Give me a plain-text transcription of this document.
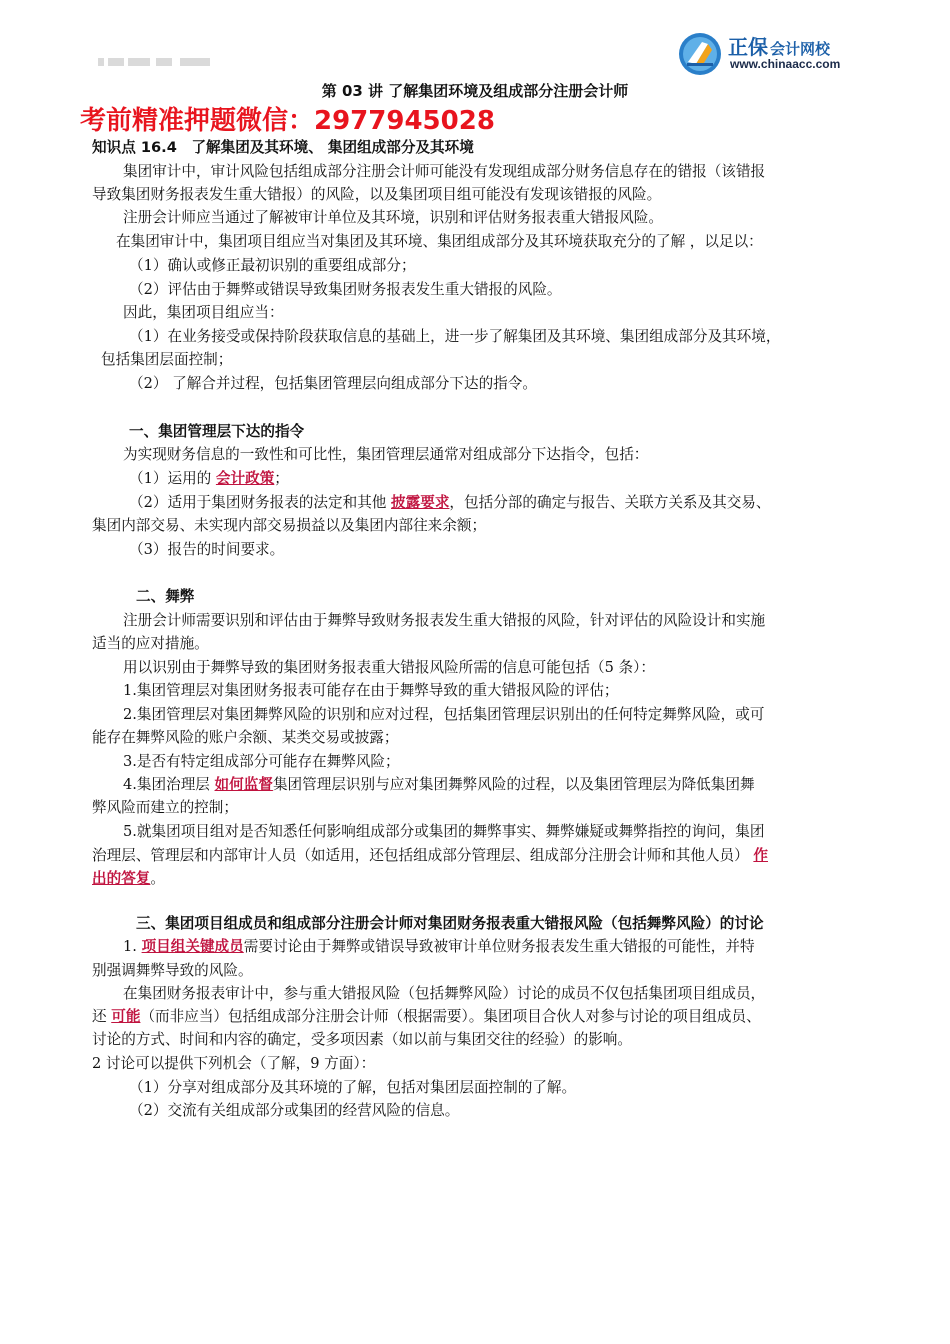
正保 会计网校
www.chinaacc.com
第 03 讲 了解集团环境及组成部分注册会计师
考前精准押题微信：2977945028
知识点 16.4　了解集团及其环境、 集团组成部分及其环境
集团审计中，审计风险包括组成部分注册会计师可能没有发现组成部分财务信息存在的错报（该错报
导致集团财务报表发生重大错报）的风险，以及集团项目组可能没有发现该错报的风险。
注册会计师应当通过了解被审计单位及其环境，识别和评估财务报表重大错报风险。
在集团审计中，集团项目组应当对集团及其环境、集团组成部分及其环境获取充分的了解 ，以足以：
（1）确认或修正最初识别的重要组成部分；
（2）评估由于舞弊或错误导致集团财务报表发生重大错报的风险。
因此，集团项目组应当：
（1）在业务接受或保持阶段获取信息的基础上，进一步了解集团及其环境、集团组成部分及其环境，
包括集团层面控制；
（2） 了解合并过程，包括集团管理层向组成部分下达的指令。
一、集团管理层下达的指令
为实现财务信息的一致性和可比性，集团管理层通常对组成部分下达指令，包括：
（1）运用的 会计政策；
（2）适用于集团财务报表的法定和其他 披露要求，包括分部的确定与报告、关联方关系及其交易、
集团内部交易、未实现内部交易损益以及集团内部往来余额；
（3）报告的时间要求。
二、舞弊
注册会计师需要识别和评估由于舞弊导致财务报表发生重大错报的风险，针对评估的风险设计和实施
适当的应对措施。
用以识别由于舞弊导致的集团财务报表重大错报风险所需的信息可能包括（5 条）：
1.集团管理层对集团财务报表可能存在由于舞弊导致的重大错报风险的评估；
2.集团管理层对集团舞弊风险的识别和应对过程，包括集团管理层识别出的任何特定舞弊风险，或可
能存在舞弊风险的账户余额、某类交易或披露；
3.是否有特定组成部分可能存在舞弊风险；
4.集团治理层 如何监督集团管理层识别与应对集团舞弊风险的过程，以及集团管理层为降低集团舞
弊风险而建立的控制；
5.就集团项目组对是否知悉任何影响组成部分或集团的舞弊事实、舞弊嫌疑或舞弊指控的询问，集团
治理层、管理层和内部审计人员（如适用，还包括组成部分管理层、组成部分注册会计师和其他人员） 作
出的答复。
三、集团项目组成员和组成部分注册会计师对集团财务报表重大错报风险（包括舞弊风险）的讨论
1. 项目组关键成员需要讨论由于舞弊或错误导致被审计单位财务报表发生重大错报的可能性，并特
别强调舞弊导致的风险。
在集团财务报表审计中，参与重大错报风险（包括舞弊风险）讨论的成员不仅包括集团项目组成员，
还 可能（而非应当）包括组成部分注册会计师（根据需要）。集团项目合伙人对参与讨论的项目组成员、
讨论的方式、时间和内容的确定，受多项因素（如以前与集团交往的经验）的影响。
2 讨论可以提供下列机会（了解，9 方面）：
（1）分享对组成部分及其环境的了解，包括对集团层面控制的了解。
（2）交流有关组成部分或集团的经营风险的信息。
